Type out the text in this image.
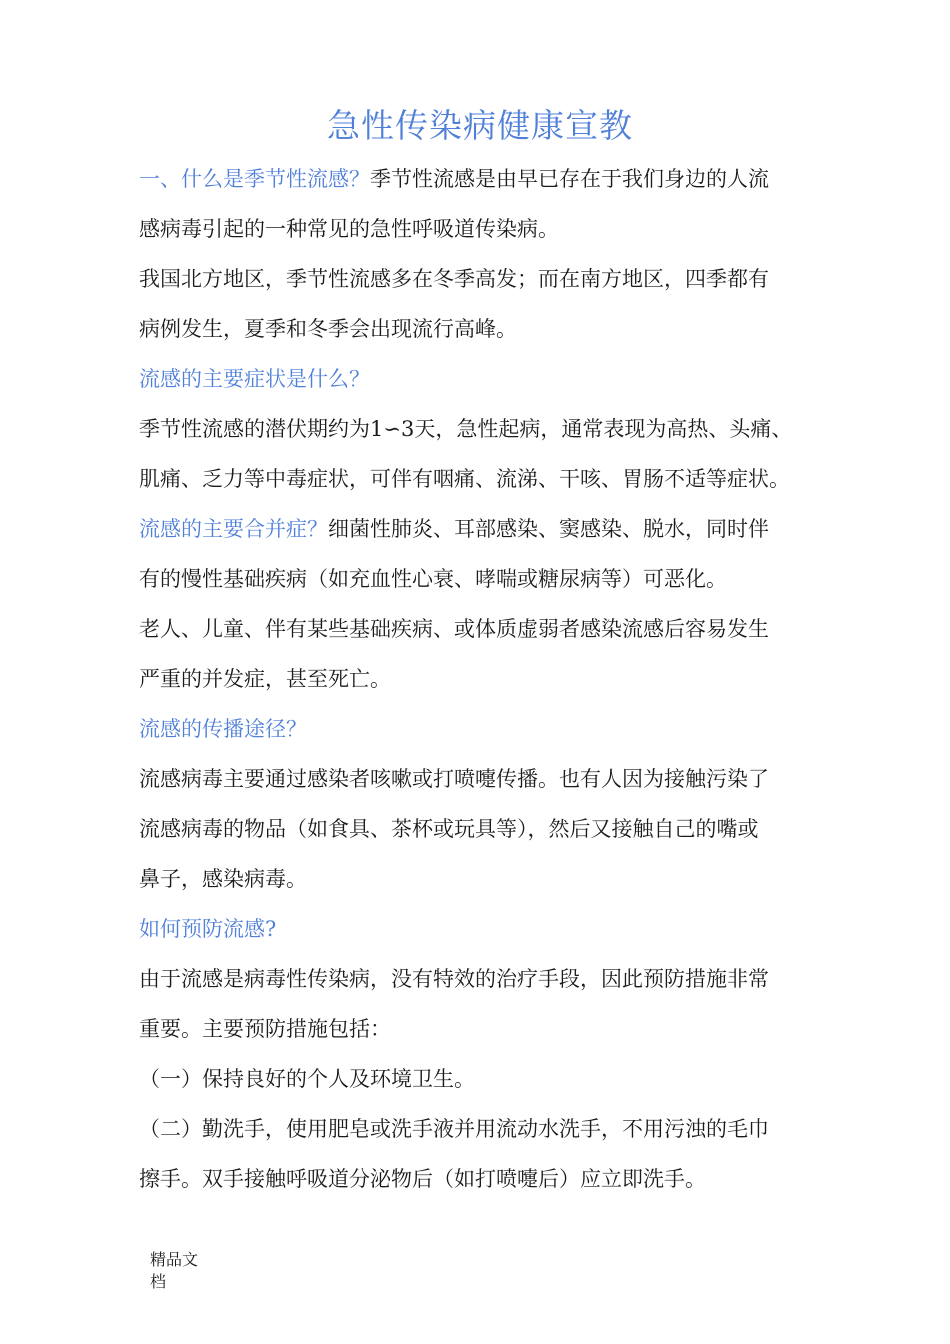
急性传染病健康宣教
一、什么是季节性流感？季节性流感是由早已存在于我们身边的人流
感病毒引起的一种常见的急性呼吸道传染病。
我国北方地区，季节性流感多在冬季高发；而在南方地区，四季都有
病例发生，夏季和冬季会出现流行高峰。
流感的主要症状是什么？
季节性流感的潜伏期约为1∽3天，急性起病，通常表现为高热、头痛、
肌痛、乏力等中毒症状，可伴有咽痛、流涕、干咳、胃肠不适等症状。
流感的主要合并症？细菌性肺炎、耳部感染、窦感染、脱水，同时伴
有的慢性基础疾病（如充血性心衰、哮喘或糖尿病等）可恶化。
老人、儿童、伴有某些基础疾病、或体质虚弱者感染流感后容易发生
严重的并发症，甚至死亡。
流感的传播途径？
流感病毒主要通过感染者咳嗽或打喷嚏传播。也有人因为接触污染了
流感病毒的物品（如食具、茶杯或玩具等），然后又接触自己的嘴或
鼻子，感染病毒。
如何预防流感?
由于流感是病毒性传染病，没有特效的治疗手段，因此预防措施非常
重要。主要预防措施包括：
（一）保持良好的个人及环境卫生。
（二）勤洗手，使用肥皂或洗手液并用流动水洗手，不用污浊的毛巾
擦手。双手接触呼吸道分泌物后（如打喷嚏后）应立即洗手。
精品文
档
